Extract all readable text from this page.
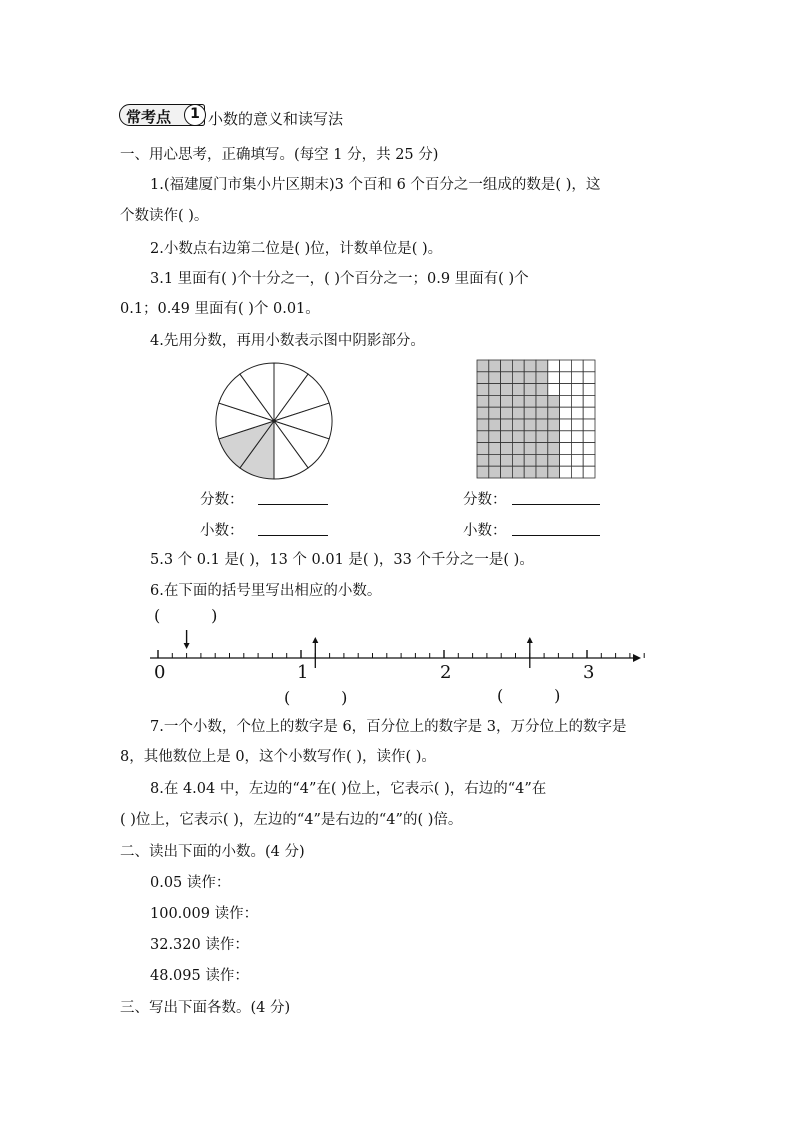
常考点	1 小数的意义和读写法
一、用心思考，正确填写。(每空 1 分，共 25 分)
1.(福建厦门市集小片区期末)3 个百和 6 个百分之一组成的数是( )，这
个数读作( )。
2.小数点右边第二位是( )位，计数单位是( )。
3.1 里面有( )个十分之一，( )个百分之一；0.9 里面有( )个
0.1；0.49 里面有( )个 0.01。
4.先用分数，再用小数表示图中阴影部分。
分数：
小数：
分数：
小数：
5.3 个 0.1 是( )，13 个 0.01 是( )，33 个千分之一是( )。
6.在下面的括号里写出相应的小数。
(          )
0	1	2	3
(          )	(          )
7.一个小数，个位上的数字是 6，百分位上的数字是 3，万分位上的数字是
8，其他数位上是 0，这个小数写作( )，读作( )。
8.在 4.04 中，左边的“4”在( )位上，它表示( )，右边的“4”在
( )位上，它表示( )，左边的“4”是右边的“4”的( )倍。
二、读出下面的小数。(4 分)
0.05 读作：
100.009 读作：
32.320 读作：
48.095 读作：
三、写出下面各数。(4 分)
